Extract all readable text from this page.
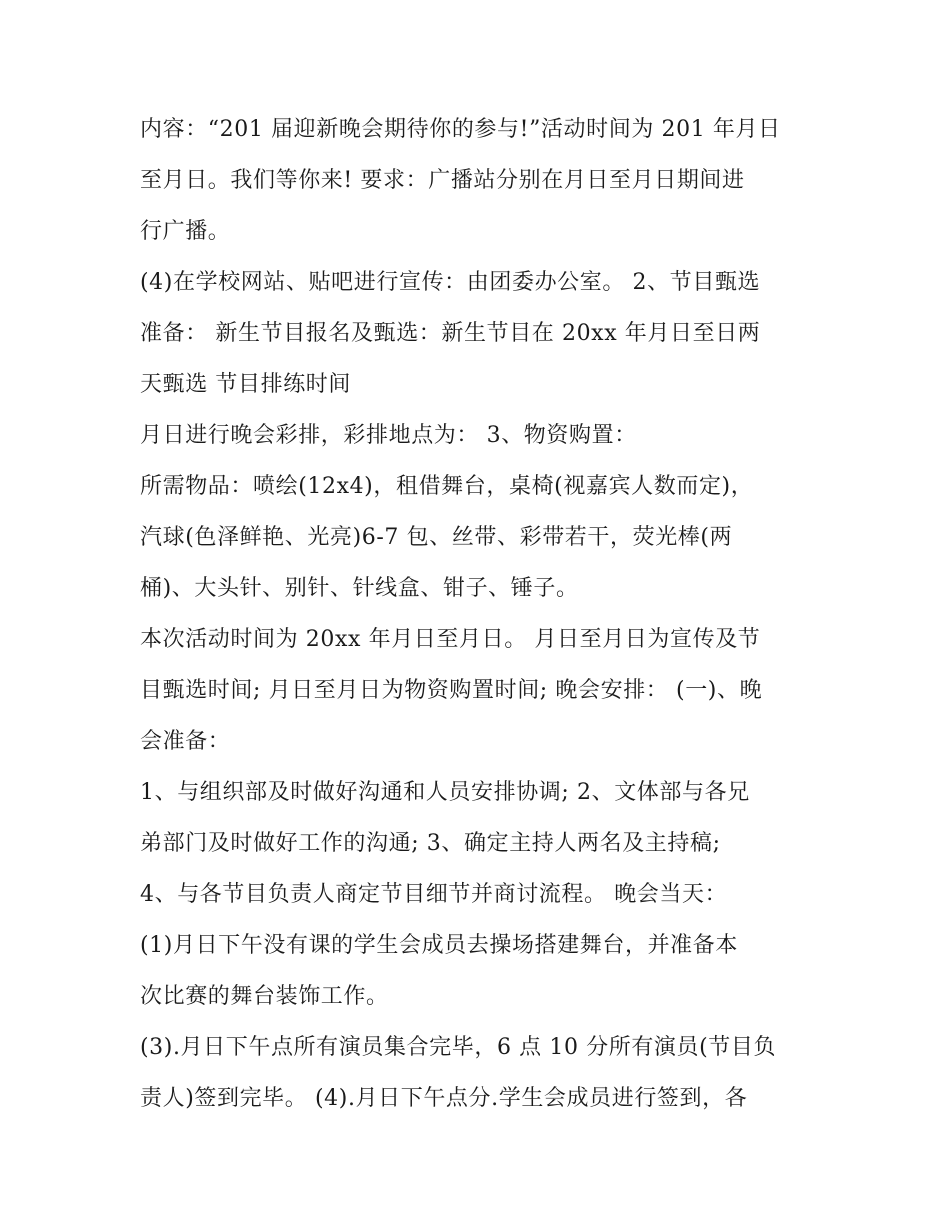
内容：“201 届迎新晚会期待你的参与!”活动时间为 201 年月日
至月日。我们等你来! 要求：广播站分别在月日至月日期间进
行广播。
(4)在学校网站、贴吧进行宣传：由团委办公室。 2、节目甄选
准备： 新生节目报名及甄选：新生节目在 20xx 年月日至日两
天甄选 节目排练时间
月日进行晚会彩排，彩排地点为： 3、物资购置：
所需物品：喷绘(12x4)，租借舞台，桌椅(视嘉宾人数而定)，
汽球(色泽鲜艳、光亮)6-7 包、丝带、彩带若干，荧光棒(两
桶)、大头针、别针、针线盒、钳子、锤子。
本次活动时间为 20xx 年月日至月日。 月日至月日为宣传及节
目甄选时间; 月日至月日为物资购置时间; 晚会安排： (一)、晚
会准备：
1、与组织部及时做好沟通和人员安排协调; 2、文体部与各兄
弟部门及时做好工作的沟通; 3、确定主持人两名及主持稿;
4、与各节目负责人商定节目细节并商讨流程。 晚会当天：
(1)月日下午没有课的学生会成员去操场搭建舞台，并准备本
次比赛的舞台装饰工作。
(3).月日下午点所有演员集合完毕，6 点 10 分所有演员(节目负
责人)签到完毕。 (4).月日下午点分.学生会成员进行签到，各
